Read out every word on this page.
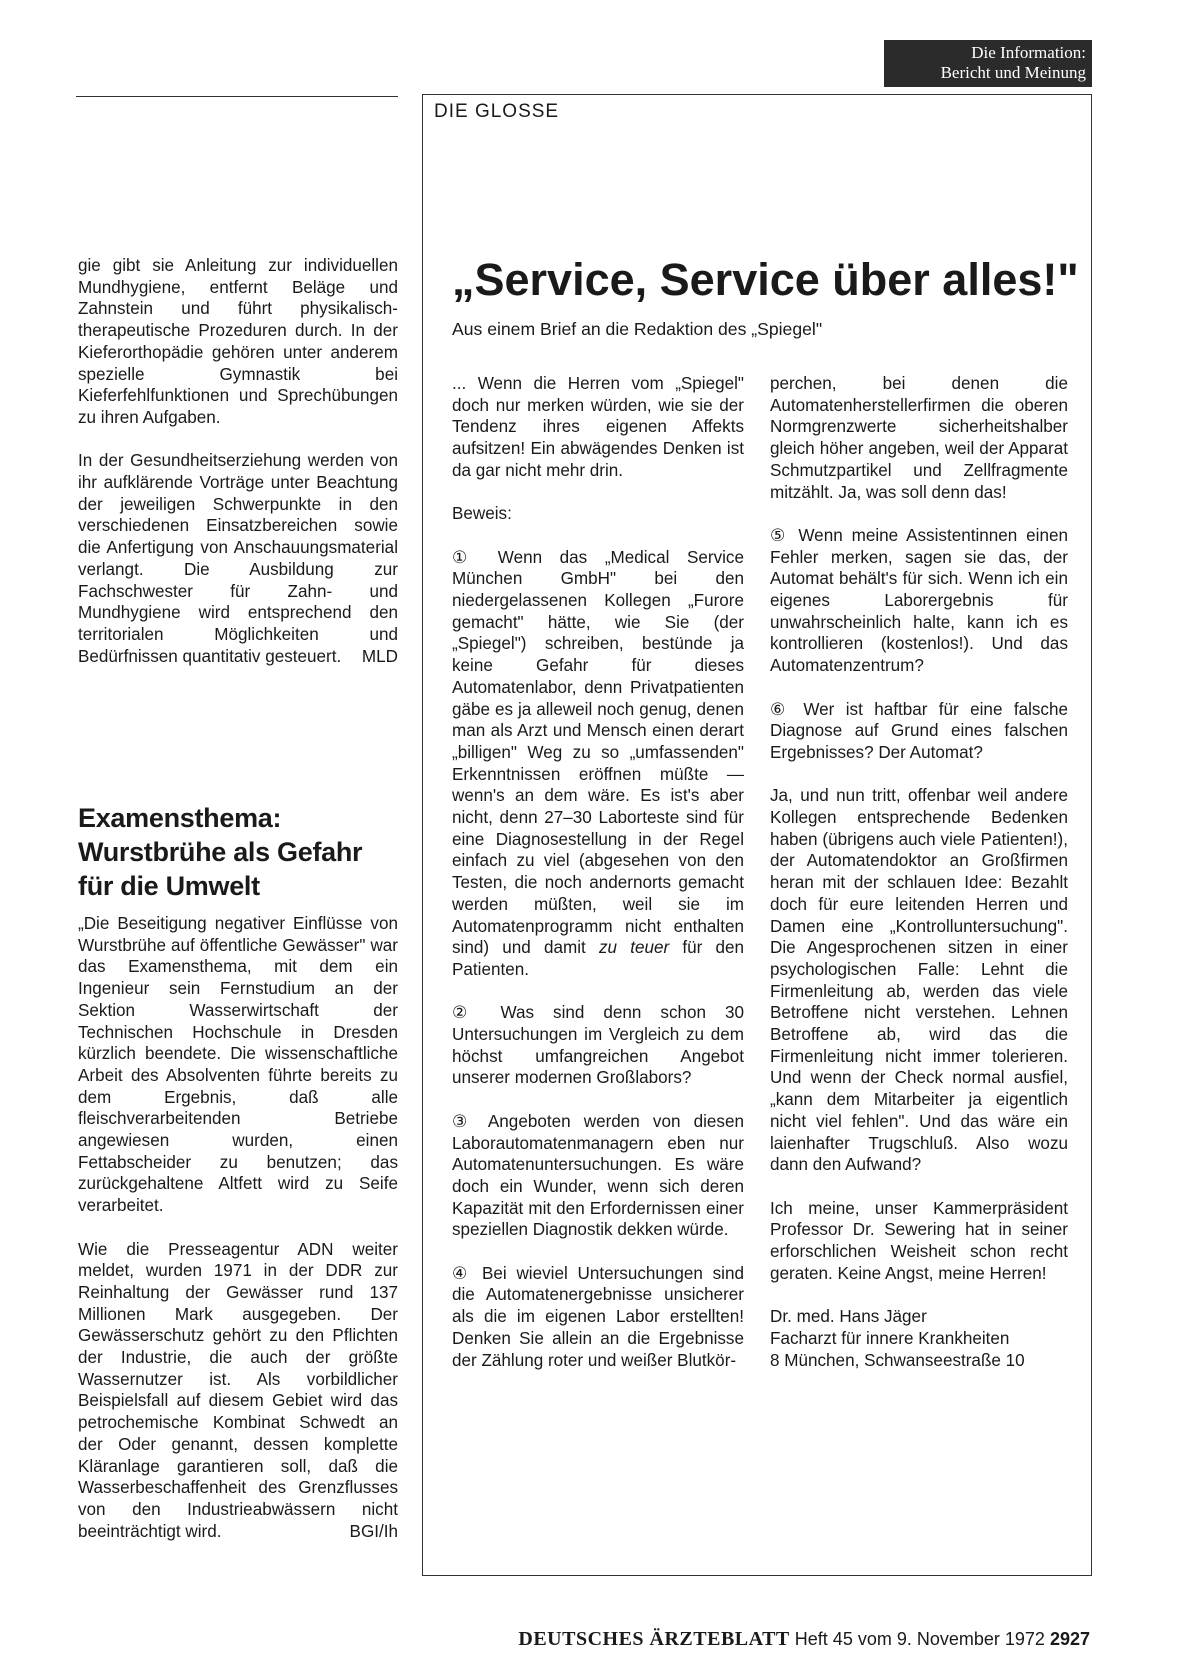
Die Information:
Bericht und Meinung
DIE GLOSSE

gie gibt sie Anleitung zur individuellen Mundhygiene, entfernt Beläge und Zahnstein und führt physikalisch-therapeutische Prozeduren durch. In der Kieferorthopädie gehören unter anderem spezielle Gymnastik bei Kieferfehlfunktionen und Sprechübungen zu ihren Aufgaben.

In der Gesundheitserziehung werden von ihr aufklärende Vorträge unter Beachtung der jeweiligen Schwerpunkte in den verschiedenen Einsatzbereichen sowie die Anfertigung von Anschauungsmaterial verlangt. Die Ausbildung zur Fachschwester für Zahn- und Mundhygiene wird entsprechend den territorialen Möglichkeiten und Bedürfnissen quantitativ gesteuert. MLD

Examensthema:
Wurstbrühe als Gefahr
für die Umwelt

„Die Beseitigung negativer Einflüsse von Wurstbrühe auf öffentliche Gewässer" war das Examensthema, mit dem ein Ingenieur sein Fernstudium an der Sektion Wasserwirtschaft der Technischen Hochschule in Dresden kürzlich beendete. Die wissenschaftliche Arbeit des Absolventen führte bereits zu dem Ergebnis, daß alle fleischverarbeitenden Betriebe angewiesen wurden, einen Fettabscheider zu benutzen; das zurückgehaltene Altfett wird zu Seife verarbeitet.

Wie die Presseagentur ADN weiter meldet, wurden 1971 in der DDR zur Reinhaltung der Gewässer rund 137 Millionen Mark ausgegeben. Der Gewässerschutz gehört zu den Pflichten der Industrie, die auch der größte Wassernutzer ist. Als vorbildlicher Beispielsfall auf diesem Gebiet wird das petrochemische Kombinat Schwedt an der Oder genannt, dessen komplette Kläranlage garantieren soll, daß die Wasserbeschaffenheit des Grenzflusses von den Industrieabwässern nicht beeinträchtigt wird.	BGI/Ih

„Service, Service über alles!"
Aus einem Brief an die Redaktion des „Spiegel"

... Wenn die Herren vom „Spiegel" doch nur merken würden, wie sie der Tendenz ihres eigenen Affekts aufsitzen! Ein abwägendes Denken ist da gar nicht mehr drin.

Beweis:

① Wenn das „Medical Service München GmbH" bei den niedergelassenen Kollegen „Furore gemacht" hätte, wie Sie (der „Spiegel") schreiben, bestünde ja keine Gefahr für dieses Automatenlabor, denn Privatpatienten gäbe es ja alleweil noch genug, denen man als Arzt und Mensch einen derart „billigen" Weg zu so „umfassenden" Erkenntnissen eröffnen müßte — wenn's an dem wäre. Es ist's aber nicht, denn 27–30 Laborteste sind für eine Diagnosestellung in der Regel einfach zu viel (abgesehen von den Testen, die noch andernorts gemacht werden müßten, weil sie im Automatenprogramm nicht enthalten sind) und damit zu teuer für den Patienten.

② Was sind denn schon 30 Untersuchungen im Vergleich zu dem höchst umfangreichen Angebot unserer modernen Großlabors?

③ Angeboten werden von diesen Laborautomatenmanagern eben nur Automatenuntersuchungen. Es wäre doch ein Wunder, wenn sich deren Kapazität mit den Erfordernissen einer speziellen Diagnostik dekken würde.

④ Bei wieviel Untersuchungen sind die Automatenergebnisse unsicherer als die im eigenen Labor erstellten! Denken Sie allein an die Ergebnisse der Zählung roter und weißer Blutkör-

perchen, bei denen die Automatenherstellerfirmen die oberen Normgrenzwerte sicherheitshalber gleich höher angeben, weil der Apparat Schmutzpartikel und Zellfragmente mitzählt. Ja, was soll denn das!

⑤ Wenn meine Assistentinnen einen Fehler merken, sagen sie das, der Automat behält's für sich. Wenn ich ein eigenes Laborergebnis für unwahrscheinlich halte, kann ich es kontrollieren (kostenlos!). Und das Automatenzentrum?

⑥ Wer ist haftbar für eine falsche Diagnose auf Grund eines falschen Ergebnisses? Der Automat?

Ja, und nun tritt, offenbar weil andere Kollegen entsprechende Bedenken haben (übrigens auch viele Patienten!), der Automatendoktor an Großfirmen heran mit der schlauen Idee: Bezahlt doch für eure leitenden Herren und Damen eine „Kontrolluntersuchung". Die Angesprochenen sitzen in einer psychologischen Falle: Lehnt die Firmenleitung ab, werden das viele Betroffene nicht verstehen. Lehnen Betroffene ab, wird das die Firmenleitung nicht immer tolerieren. Und wenn der Check normal ausfiel, „kann dem Mitarbeiter ja eigentlich nicht viel fehlen". Und das wäre ein laienhafter Trugschluß. Also wozu dann den Aufwand?

Ich meine, unser Kammerpräsident Professor Dr. Sewering hat in seiner erforschlichen Weisheit schon recht geraten. Keine Angst, meine Herren!

Dr. med. Hans Jäger
Facharzt für innere Krankheiten
8 München, Schwanseestraße 10

DEUTSCHES ÄRZTEBLATT Heft 45 vom 9. November 1972 2927
